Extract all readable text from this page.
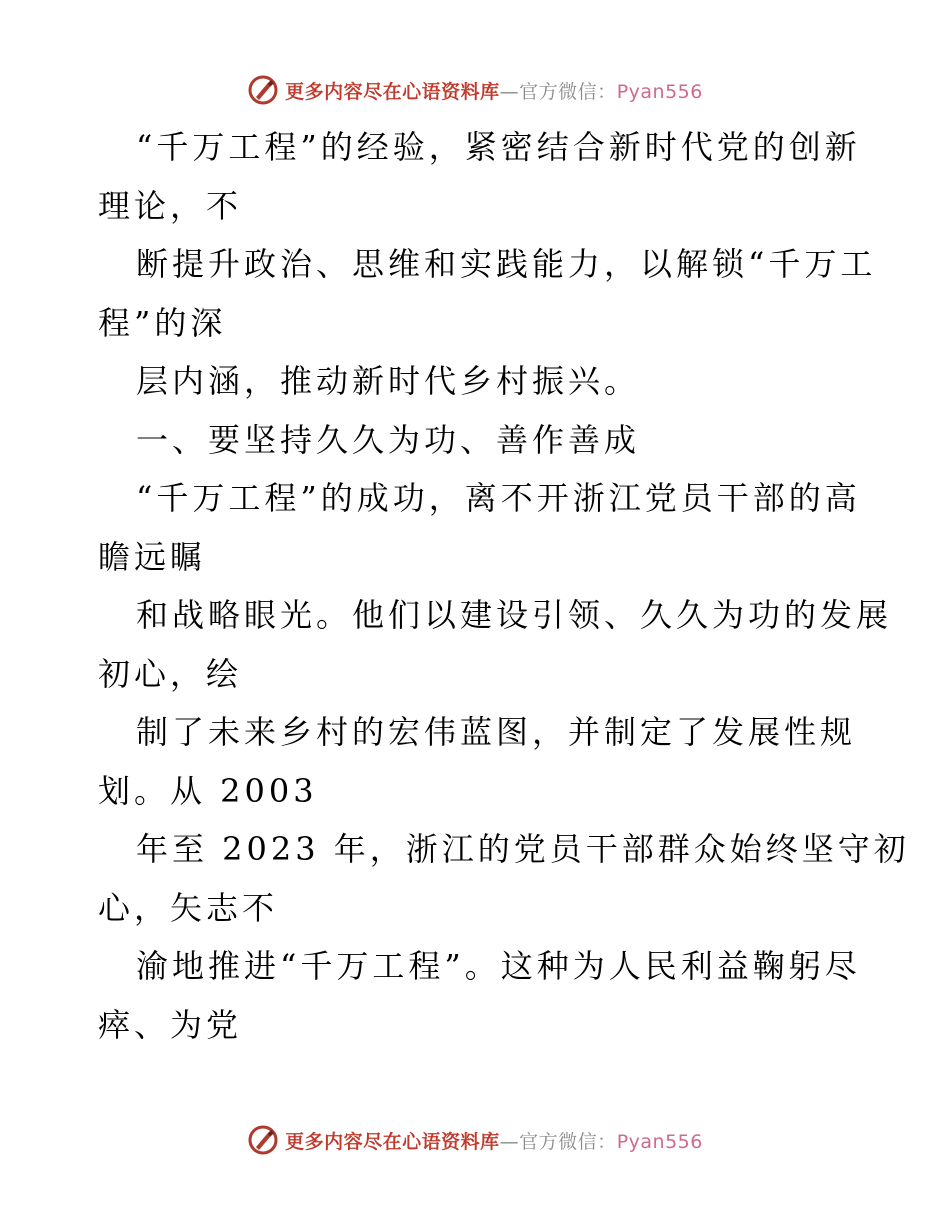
更多内容尽在心语资料库—官方微信：Pyan556
“千万工程”的经验，紧密结合新时代党的创新
理论，不
断提升政治、思维和实践能力，以解锁“千万工
程”的深
层内涵，推动新时代乡村振兴。
一、要坚持久久为功、善作善成
“千万工程”的成功，离不开浙江党员干部的高
瞻远瞩
和战略眼光。他们以建设引领、久久为功的发展
初心，绘
制了未来乡村的宏伟蓝图，并制定了发展性规
划。从 2003
年至 2023 年，浙江的党员干部群众始终坚守初
心，矢志不
渝地推进“千万工程”。这种为人民利益鞠躬尽
瘁、为党
更多内容尽在心语资料库—官方微信：Pyan556
